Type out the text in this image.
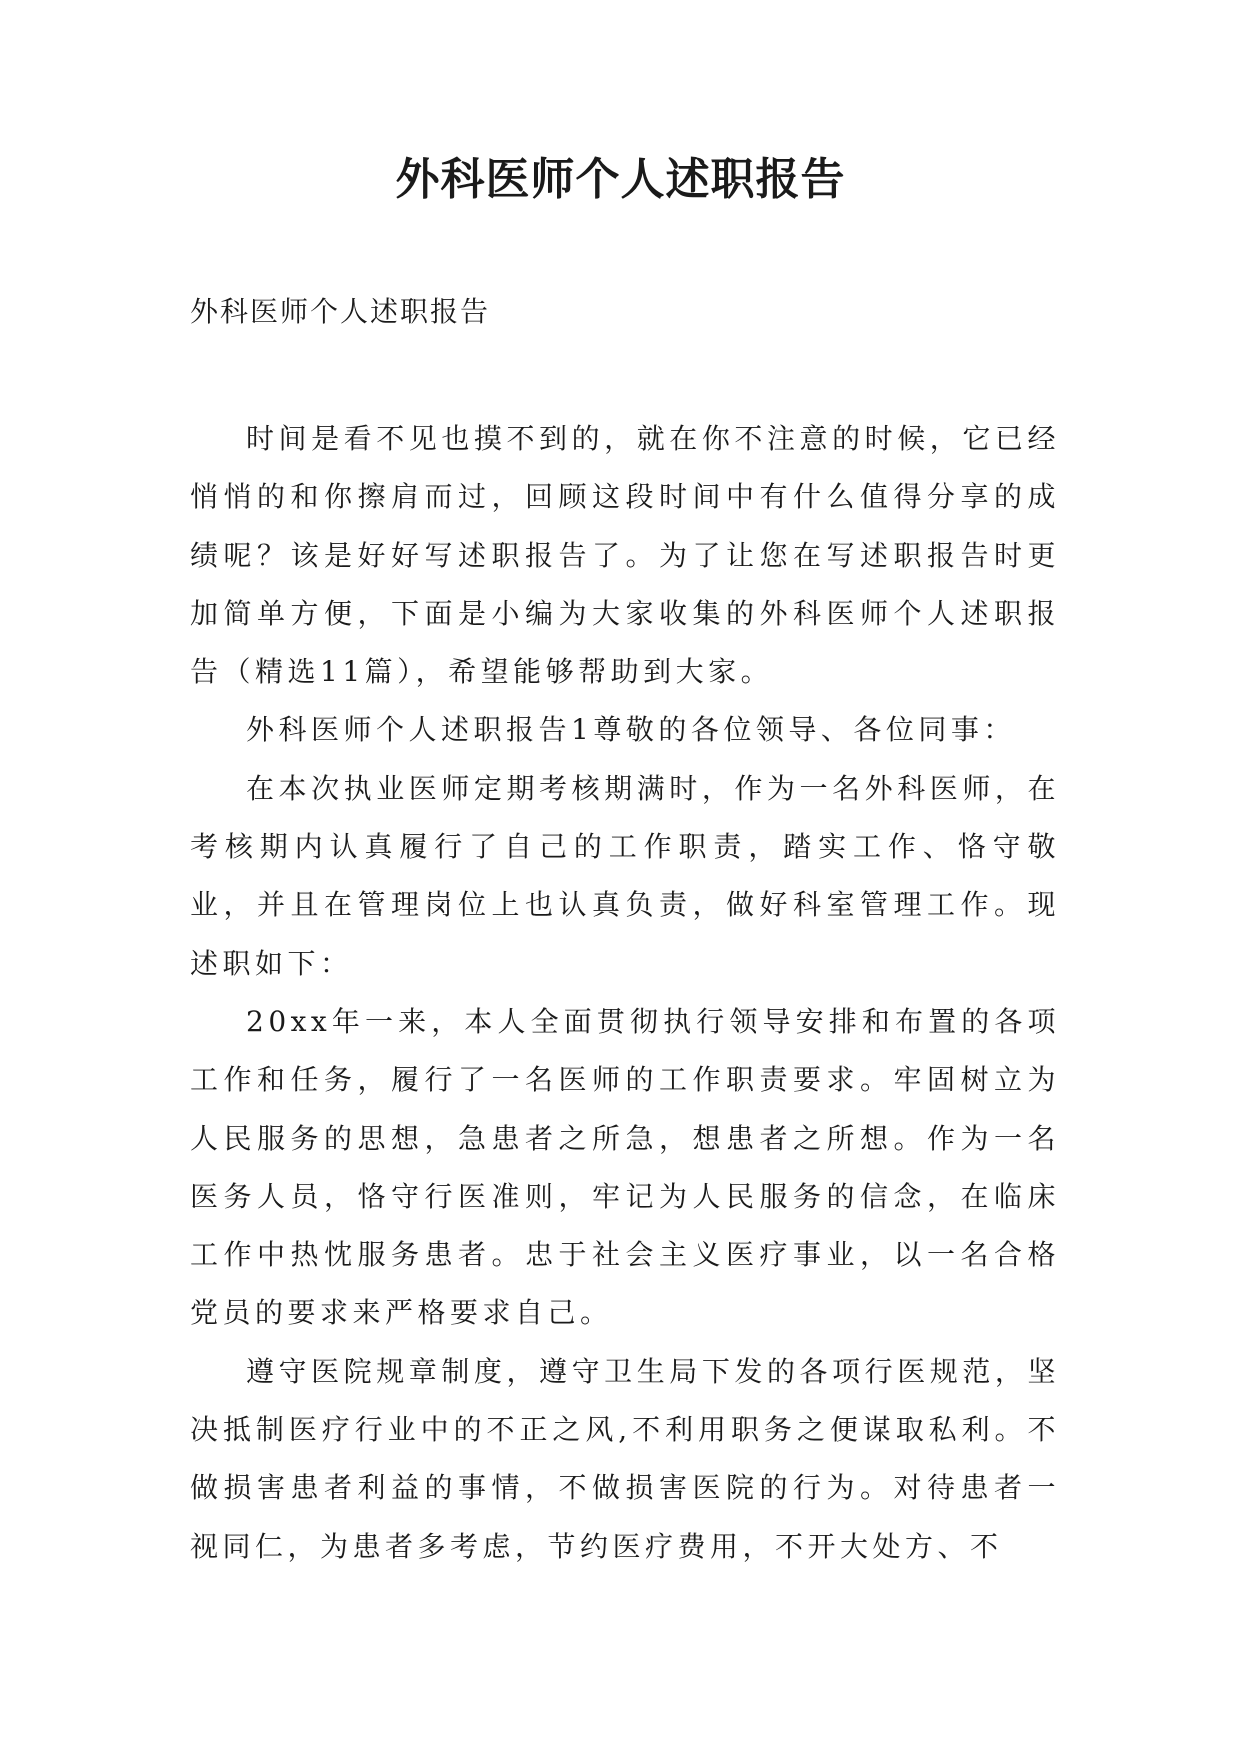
外科医师个人述职报告
外科医师个人述职报告

时间是看不见也摸不到的，就在你不注意的时候，它已经悄悄的和你擦肩而过，回顾这段时间中有什么值得分享的成绩呢？该是好好写述职报告了。为了让您在写述职报告时更加简单方便，下面是小编为大家收集的外科医师个人述职报告（精选11篇），希望能够帮助到大家。

外科医师个人述职报告1尊敬的各位领导、各位同事：

在本次执业医师定期考核期满时，作为一名外科医师，在考核期内认真履行了自己的工作职责，踏实工作、恪守敬业，并且在管理岗位上也认真负责，做好科室管理工作。现述职如下：

20xx年一来，本人全面贯彻执行领导安排和布置的各项工作和任务，履行了一名医师的工作职责要求。牢固树立为人民服务的思想，急患者之所急，想患者之所想。作为一名医务人员，恪守行医准则，牢记为人民服务的信念，在临床工作中热忱服务患者。忠于社会主义医疗事业，以一名合格党员的要求来严格要求自己。

遵守医院规章制度，遵守卫生局下发的各项行医规范，坚决抵制医疗行业中的不正之风,不利用职务之便谋取私利。不做损害患者利益的事情，不做损害医院的行为。对待患者一视同仁，为患者多考虑，节约医疗费用，不开大处方、不
